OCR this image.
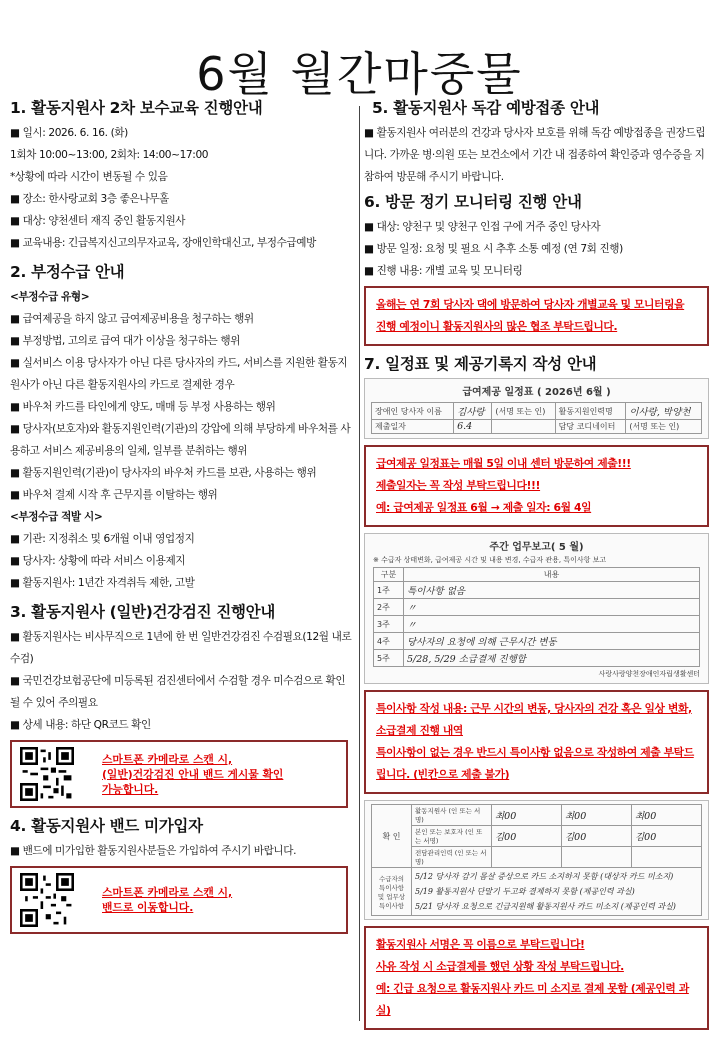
6월 월간마중물
1. 활동지원사 2차 보수교육 진행안내
■ 일시: 2026. 6. 16. (화)
1회차 10:00~13:00, 2회차: 14:00~17:00
*상황에 따라 시간이 변동될 수 있음
■ 장소: 한사랑교회 3층 좋은나무홀
■ 대상: 양천센터 재직 중인 활동지원사
■ 교육내용: 긴급복지신고의무자교육, 장애인학대신고, 부정수급예방
2. 부정수급 안내
<부정수급 유형>
■ 급여제공을 하지 않고 급여제공비용을 청구하는 행위
■ 부정방법, 고의로 급여 대가 이상을 청구하는 행위
■ 실서비스 이용 당사자가 아닌 다른 당사자의 카드, 서비스를 지원한 활동지원사가 아닌 다른 활동지원사의 카드로 결제한 경우
■ 바우처 카드를 타인에게 양도, 매매 등 부정 사용하는 행위
■ 당사자(보호자)와 활동지원인력(기관)의 강압에 의해 부당하게 바우처를 사용하고 서비스 제공비용의 일체, 일부를 분취하는 행위
■ 활동지원인력(기관)이 당사자의 바우처 카드를 보관, 사용하는 행위
■ 바우처 결제 시작 후 근무지를 이탈하는 행위
<부정수급 적발 시>
■ 기관: 지정취소 및 6개월 이내 영업정지
■ 당사자: 상황에 따라 서비스 이용제지
■ 활동지원사: 1년간 자격취득 제한, 고발
3. 활동지원사 (일반)건강검진 진행안내
■ 활동지원사는 비사무직으로 1년에 한 번 일반건강검진 수검필요(12월 내로 수검)
■ 국민건강보험공단에 미등록된 검진센터에서 수검할 경우 미수검으로 확인 될 수 있어 주의필요
■ 상세 내용: 하단 QR코드 확인
스마트폰 카메라로 스캔 시,
(일반)건강검진 안내 밴드 게시물 확인
가능합니다.
4. 활동지원사 밴드 미가입자
■ 밴드에 미가입한 활동지원사분들은 가입하여 주시기 바랍니다.
스마트폰 카메라로 스캔 시,
밴드로 이동합니다.
5. 활동지원사 독감 예방접종 안내
■ 활동지원사 여러분의 건강과 당사자 보호를 위해 독감 예방접종을 권장드립니다. 가까운 병·의원 또는 보건소에서 기간 내 접종하여 확인증과 영수증을 지참하여 방문해 주시기 바랍니다.
6. 방문 정기 모니터링 진행 안내
■ 대상: 양천구 및 양천구 인접 구에 거주 중인 당사자
■ 방문 일정: 요청 및 필요 시 추후 소통 예정 (연 7회 진행)
■ 진행 내용: 개별 교육 및 모니터링
올해는 연 7회 당사자 댁에 방문하여 당사자 개별교육 및 모니터링을 진행 예정이니 활동지원사의 많은 협조 부탁드립니다.
7. 일정표 및 제공기록지 작성 안내
급여제공 일정표 ( 2026년 6월 )
장애인 당사자 이름	김사랑	(서명 또는 인)	활동지원인력명	이사랑, 박양천
제출일자	6.4		담당 코디네이터	(서명 또는 인)
급여제공 일정표는 매월 5일 이내 센터 방문하여 제출!!!
제출일자는 꼭 작성 부탁드립니다!!!
예: 급여제공 일정표 6월 → 제출 일자: 6월 4일
주간 업무보고( 5 월)
※ 수급자 상태변화, 급여제공 시간 및 내용 변경, 수급자 관용, 특이사항 보고
구분	내용
1주	특이사항 없음
2주	〃
3주	〃
4주	당사자의 요청에 의해 근무시간 변동
5주	5/28, 5/29 소급결제 진행함
사랑사랑양천장애인자립생활센터
특이사항 작성 내용: 근무 시간의 변동, 당사자의 건강 혹은 일상 변화, 소급결제 진행 내역
특이사항이 없는 경우 반드시 특이사항 없음으로 작성하여 제출 부탁드립니다. (빈칸으로 제출 불가)
확 인	활동지원사 (인 또는 서명)	최00	최00	최00
	본인 또는 보호자 (인 또는 서명)	김00	김00	김00
	전담관리인력 (인 또는 서명)			
수급자의 특이사항 및 업무상 특이사항	5/12 당사자 감기 몸살 증상으로 카드 소지하지 못함 (대상자 카드 미소지)
5/19 활동지원사 단말기 두고와 결제하지 못함 (제공인력 과실)
5/21 당사자 요청으로 긴급지원해 활동지원사 카드 미소지 (제공인력 과실)			
활동지원사 서명은 꼭 이름으로 부탁드립니다!
사유 작성 시 소급결제를 했던 상황 작성 부탁드립니다.
예: 긴급 요청으로 활동지원사 카드 미 소지로 결제 못함 (제공인력 과실)
